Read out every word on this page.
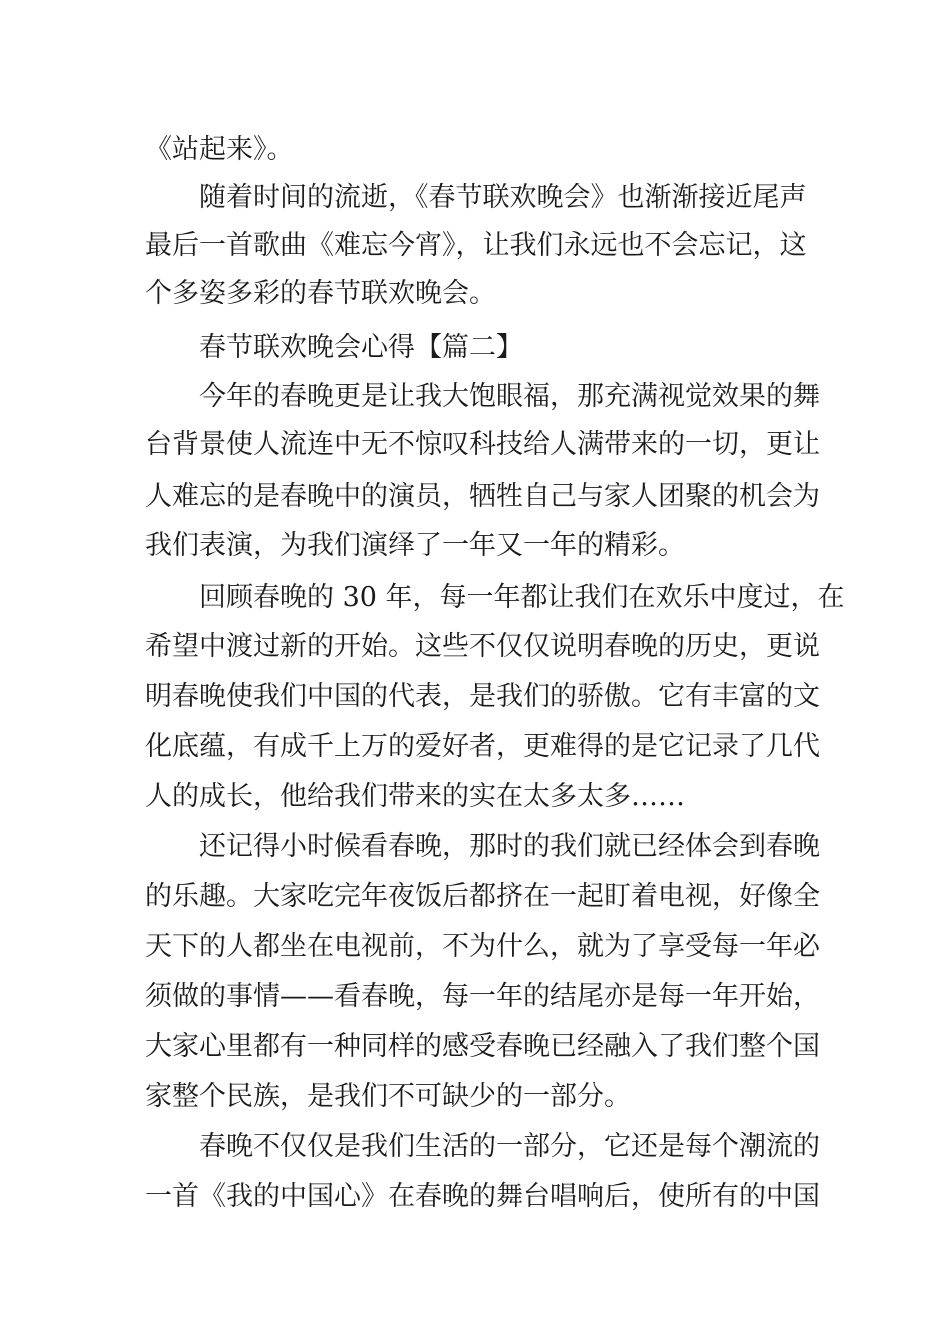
《站起来》。
随着时间的流逝，《春节联欢晚会》也渐渐接近尾声
最后一首歌曲《难忘今宵》，让我们永远也不会忘记，这
个多姿多彩的春节联欢晚会。
春节联欢晚会心得【篇二】
今年的春晚更是让我大饱眼福，那充满视觉效果的舞
台背景使人流连中无不惊叹科技给人满带来的一切，更让
人难忘的是春晚中的演员，牺牲自己与家人团聚的机会为
我们表演，为我们演绎了一年又一年的精彩。
回顾春晚的 30 年，每一年都让我们在欢乐中度过，在
希望中渡过新的开始。这些不仅仅说明春晚的历史，更说
明春晚使我们中国的代表，是我们的骄傲。它有丰富的文
化底蕴，有成千上万的爱好者，更难得的是它记录了几代
人的成长，他给我们带来的实在太多太多……
还记得小时候看春晚，那时的我们就已经体会到春晚
的乐趣。大家吃完年夜饭后都挤在一起盯着电视，好像全
天下的人都坐在电视前，不为什么，就为了享受每一年必
须做的事情——看春晚，每一年的结尾亦是每一年开始，
大家心里都有一种同样的感受春晚已经融入了我们整个国
家整个民族，是我们不可缺少的一部分。
春晚不仅仅是我们生活的一部分，它还是每个潮流的
一首《我的中国心》在春晚的舞台唱响后，使所有的中国
